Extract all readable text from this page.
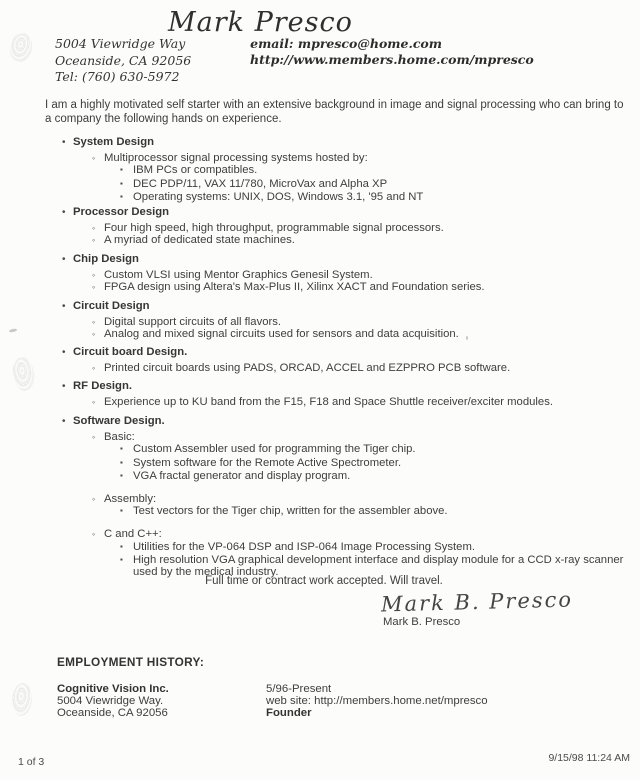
Mark Presco
5004 Viewridge Way
Oceanside, CA 92056
Tel: (760) 630-5972
email: mpresco@home.com
http://www.members.home.com/mpresco
I am a highly motivated self starter with an extensive background in image and signal processing who can bring to a company the following hands on experience.
•
System Design
◦
Multiprocessor signal processing systems hosted by:
▪
IBM PCs or compatibles.
▪
DEC PDP/11, VAX 11/780, MicroVax and Alpha XP
▪
Operating systems: UNIX, DOS, Windows 3.1, '95 and NT
•
Processor Design
◦
Four high speed, high throughput, programmable signal processors.
◦
A myriad of dedicated state machines.
•
Chip Design
◦
Custom VLSI using Mentor Graphics Genesil System.
◦
FPGA design using Altera's Max-Plus II, Xilinx XACT and Foundation series.
•
Circuit Design
◦
Digital support circuits of all flavors.
◦
Analog and mixed signal circuits used for sensors and data acquisition.
•
Circuit board Design.
◦
Printed circuit boards using PADS, ORCAD, ACCEL and EZPPRO PCB software.
•
RF Design.
◦
Experience up to KU band from the F15, F18 and Space Shuttle receiver/exciter modules.
•
Software Design.
◦
Basic:
▪
Custom Assembler used for programming the Tiger chip.
▪
System software for the Remote Active Spectrometer.
▪
VGA fractal generator and display program.
◦
Assembly:
▪
Test vectors for the Tiger chip, written for the assembler above.
◦
C and C++:
▪
Utilities for the VP-064 DSP and ISP-064 Image Processing System.
▪
High resolution VGA graphical development interface and display module for a CCD x-ray scanner used by the medical industry.
Full time or contract work accepted. Will travel.
Mark B. Presco
Mark B. Presco
EMPLOYMENT HISTORY:
Cognitive Vision Inc.
5004 Viewridge Way.
Oceanside, CA 92056
5/96-Present
web site: http://members.home.net/mpresco
Founder
1 of 3	9/15/98 11:24 AM
